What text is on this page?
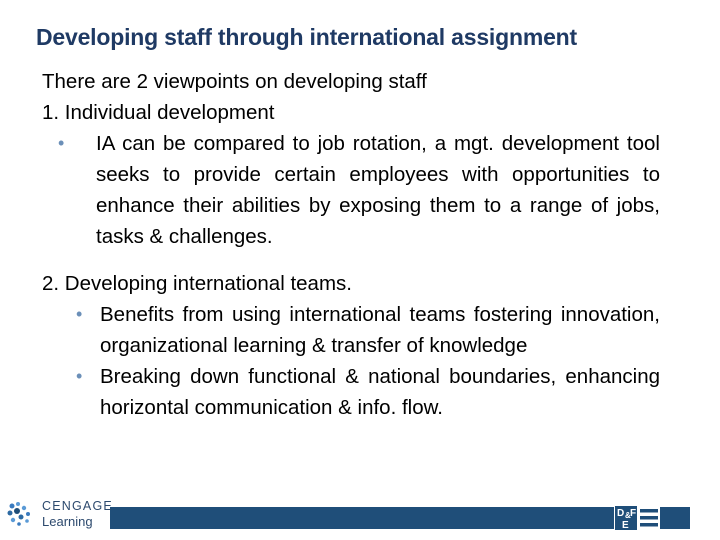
Developing staff through international assignment
There are 2 viewpoints on developing staff
1. Individual development
• IA can be compared to job rotation, a mgt. development tool seeks to provide certain employees with opportunities to enhance their abilities by exposing them to a range of jobs, tasks & challenges.
2. Developing international teams.
• Benefits from using international teams fostering innovation, organizational learning & transfer of knowledge
• Breaking down functional & national boundaries, enhancing horizontal communication & info. flow.
CENGAGE
Learning
D & F
E
19
